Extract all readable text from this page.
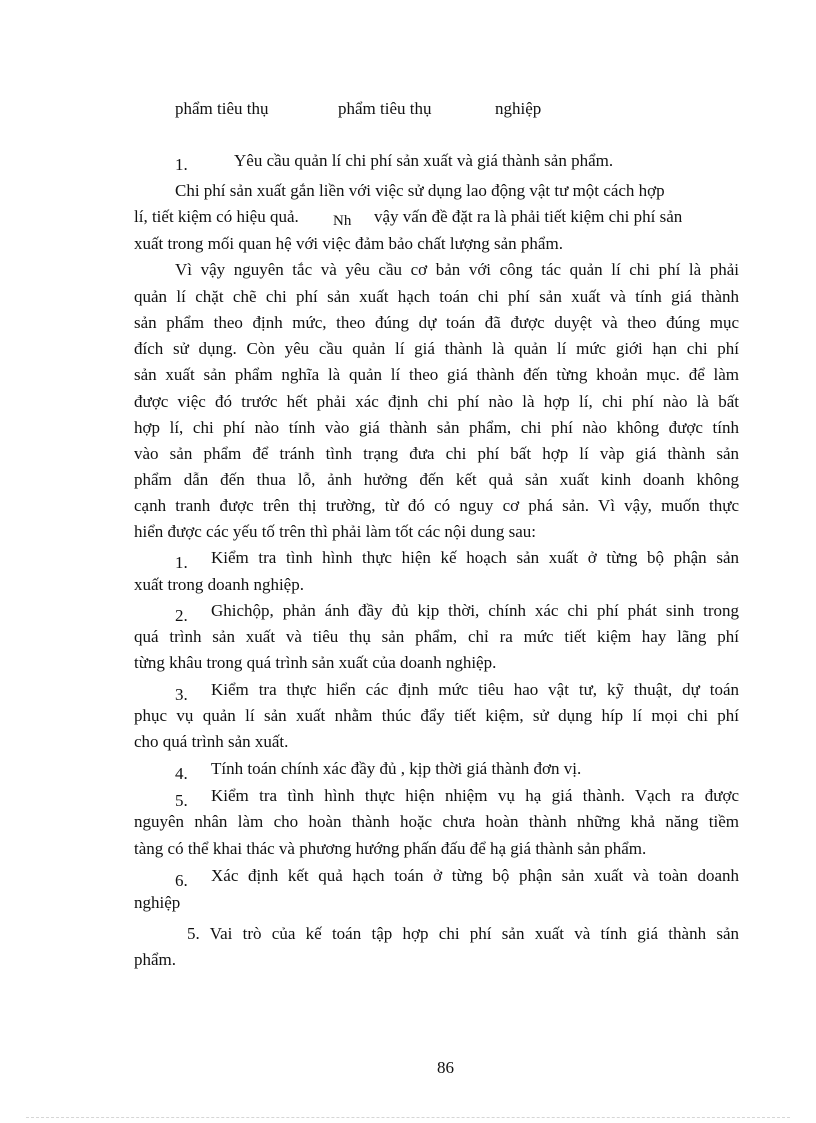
phẩm tiêu thụ	phẩm tiêu thụ	nghiệp
1.	Yêu cầu quản lí chi phí sản xuất và giá thành sản phẩm.
Chi phí sản xuất gắn liền với việc sử dụng lao động vật tư một cách hợp
lí, tiết kiệm có hiệu quả. Nh vậy vấn đề đặt ra là phải tiết kiệm chi phí sản
xuất trong mối quan hệ với việc đảm bảo chất lượng sản phẩm.
Vì vậy nguyên tắc và yêu cầu cơ bản với công tác quản lí chi phí là phải
quản lí chặt chẽ chi phí sản xuất hạch toán chi phí sản xuất và tính giá thành
sản phẩm theo định mức, theo đúng dự toán đã được duyệt và theo đúng mục
đích sử dụng. Còn yêu cầu quản lí giá thành là quản lí mức giới hạn chi phí
sản xuất sản phẩm nghĩa là quản lí theo giá thành đến từng khoản mục. để làm
được việc đó trước hết phải xác định chi phí nào là hợp lí, chi phí nào là bất
hợp lí, chi phí nào tính vào giá thành sản phẩm, chi phí nào không được tính
vào sản phẩm để tránh tình trạng đưa chi phí bất hợp lí vàp giá thành sản
phẩm dẫn đến thua lỗ, ảnh hưởng đến kết quả sản xuất kinh doanh không
cạnh tranh được trên thị trường, từ đó có nguy cơ phá sản. Vì vậy, muốn thực
hiển được các yếu tố trên thì phải làm tốt các nội dung sau:
1. Kiểm tra tình hình thực hiện kế hoạch sản xuất ở từng bộ phận sản
xuất trong doanh nghiệp.
2. Ghichộp, phản ánh đầy đủ kịp thời, chính xác chi phí phát sinh trong
quá trình sản xuất và tiêu thụ sản phẩm, chỉ ra mức tiết kiệm hay lãng phí
từng khâu trong quá trình sản xuất của doanh nghiệp.
3. Kiểm tra thực hiển các định mức tiêu hao vật tư, kỹ thuật, dự toán
phục vụ quản lí sản xuất nhằm thúc đẩy tiết kiệm, sử dụng híp lí mọi chi phí
cho quá trình sản xuất.
4. Tính toán chính xác đầy đủ , kịp thời giá thành đơn vị.
5. Kiểm tra tình hình thực hiện nhiệm vụ hạ giá thành. Vạch ra được
nguyên nhân làm cho hoàn thành hoặc chưa hoàn thành những khả năng tiềm
tàng có thể khai thác và phương hướng phấn đấu để hạ giá thành sản phẩm.
6. Xác định kết quả hạch toán ở từng bộ phận sản xuất và toàn doanh
nghiệp
5. Vai trò của kế toán tập hợp chi phí sản xuất và tính giá thành sản
phẩm.
86
